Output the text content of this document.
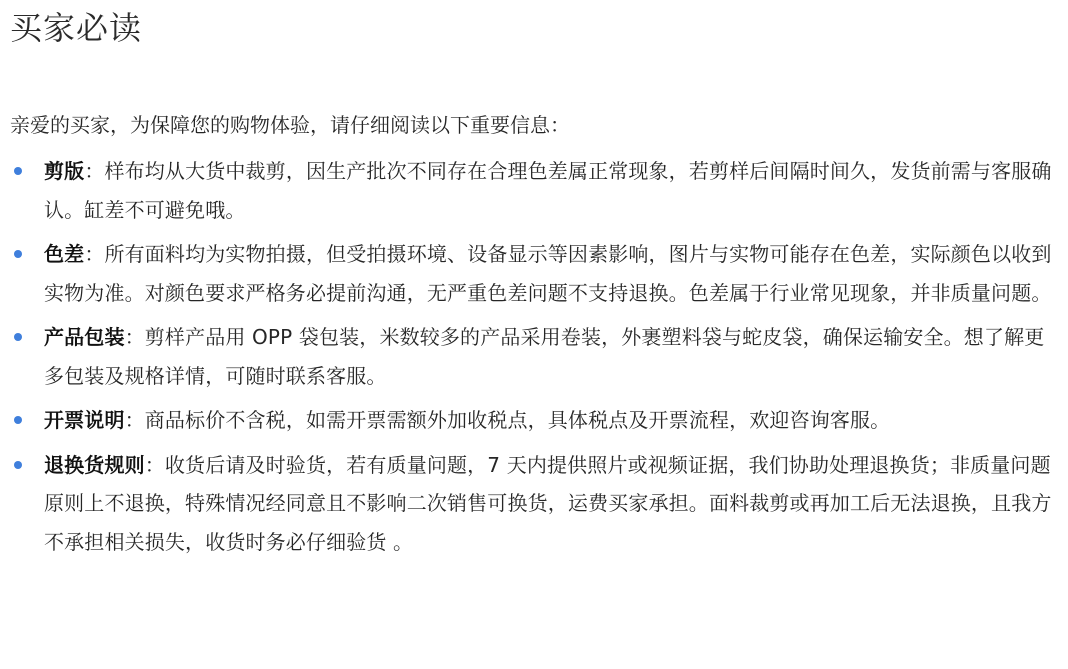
买家必读

亲爱的买家，为保障您的购物体验，请仔细阅读以下重要信息：

剪版：样布均从大货中裁剪，因生产批次不同存在合理色差属正常现象，若剪样后间隔时间久，发货前需与客服确认。缸差不可避免哦。
色差：所有面料均为实物拍摄，但受拍摄环境、设备显示等因素影响，图片与实物可能存在色差，实际颜色以收到实物为准。对颜色要求严格务必提前沟通，无严重色差问题不支持退换。色差属于行业常见现象，并非质量问题。
产品包装：剪样产品用 OPP 袋包装，米数较多的产品采用卷装，外裹塑料袋与蛇皮袋，确保运输安全。想了解更多包装及规格详情，可随时联系客服。
开票说明：商品标价不含税，如需开票需额外加收税点，具体税点及开票流程，欢迎咨询客服。
退换货规则：收货后请及时验货，若有质量问题，7 天内提供照片或视频证据，我们协助处理退换货；非质量问题原则上不退换，特殊情况经同意且不影响二次销售可换货，运费买家承担。面料裁剪或再加工后无法退换，且我方不承担相关损失，收货时务必仔细验货 。
